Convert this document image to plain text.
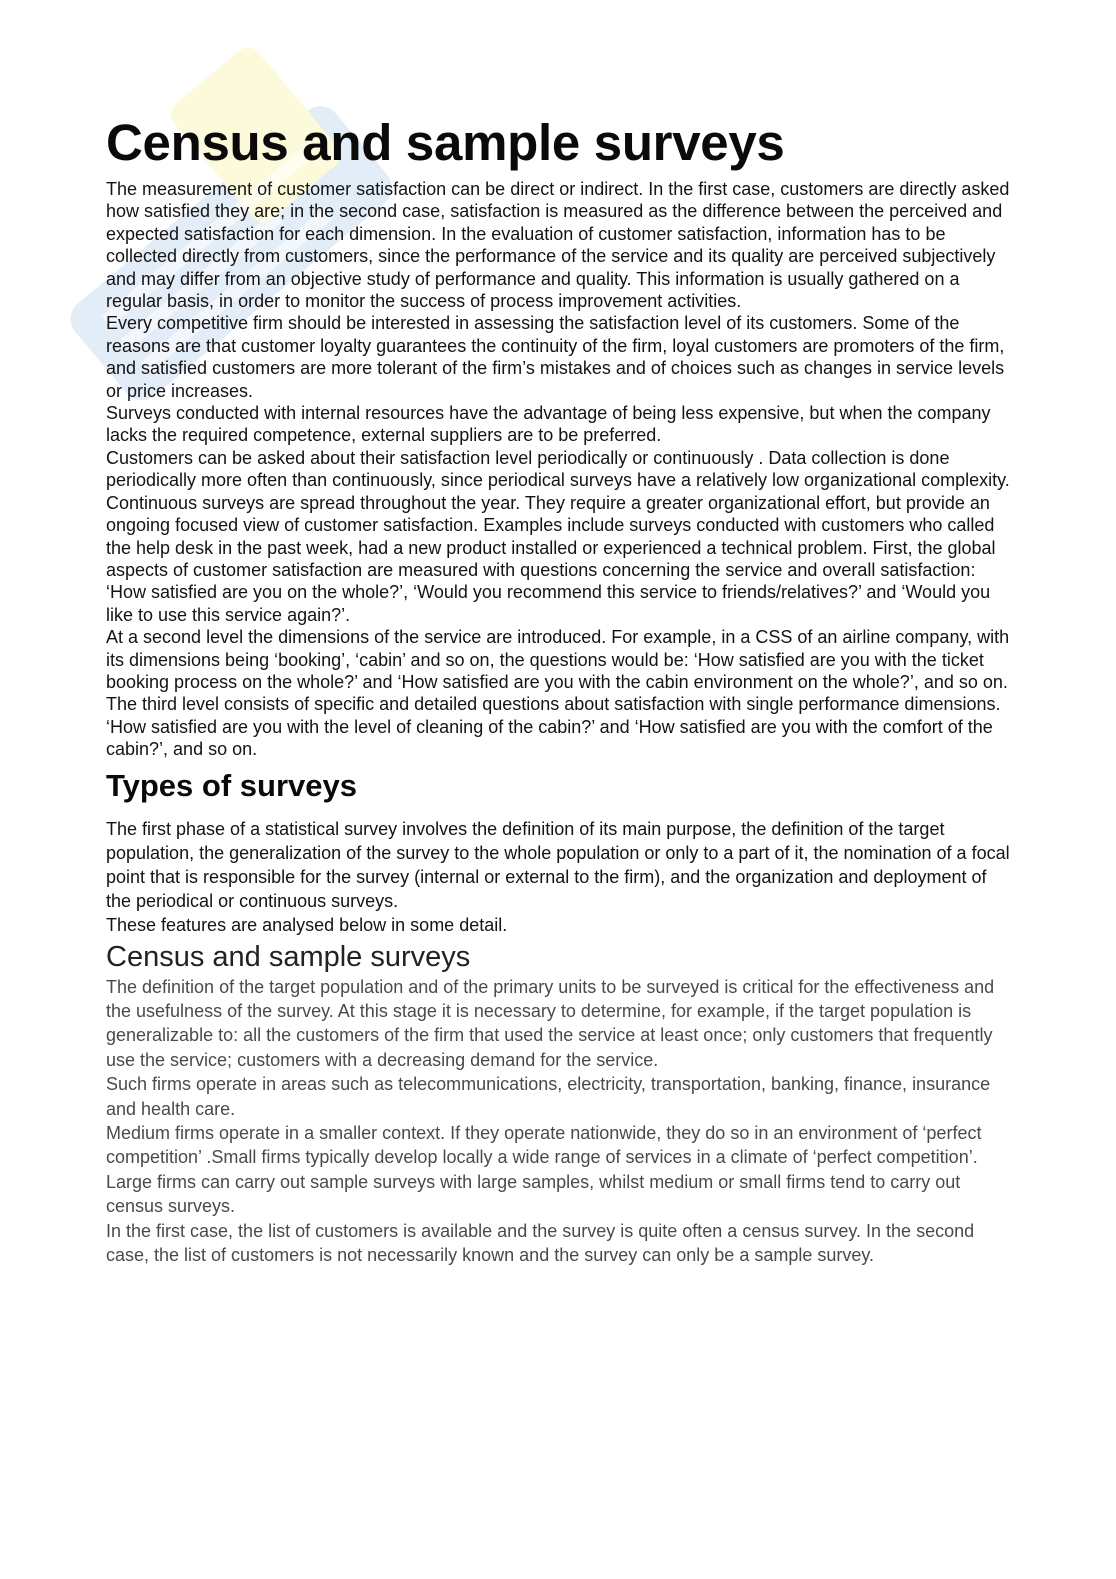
Census and sample surveys

The measurement of customer satisfaction can be direct or indirect. In the first case, customers are directly asked how satisfied they are; in the second case, satisfaction is measured as the difference between the perceived and expected satisfaction for each dimension. In the evaluation of customer satisfaction, information has to be collected directly from customers, since the performance of the service and its quality are perceived subjectively and may differ from an objective study of performance and quality. This information is usually gathered on a regular basis, in order to monitor the success of process improvement activities.

Every competitive firm should be interested in assessing the satisfaction level of its customers. Some of the reasons are that customer loyalty guarantees the continuity of the firm, loyal customers are promoters of the firm, and satisfied customers are more tolerant of the firm’s mistakes and of choices such as changes in service levels or price increases.

Surveys conducted with internal resources have the advantage of being less expensive, but when the company lacks the required competence, external suppliers are to be preferred.

Customers can be asked about their satisfaction level periodically or continuously . Data collection is done periodically more often than continuously, since periodical surveys have a relatively low organizational complexity. Continuous surveys are spread throughout the year. They require a greater organizational effort, but provide an ongoing focused view of customer satisfaction. Examples include surveys conducted with customers who called the help desk in the past week, had a new product installed or experienced a technical problem. First, the global aspects of customer satisfaction are measured with questions concerning the service and overall satisfaction: ‘How satisfied are you on the whole?’, ‘Would you recommend this service to friends/relatives?’ and ‘Would you like to use this service again?’.

At a second level the dimensions of the service are introduced. For example, in a CSS of an airline company, with its dimensions being ‘booking’, ‘cabin’ and so on, the questions would be: ‘How satisfied are you with the ticket booking process on the whole?’ and ‘How satisfied are you with the cabin environment on the whole?’, and so on.

The third level consists of specific and detailed questions about satisfaction with single performance dimensions.

‘How satisfied are you with the level of cleaning of the cabin?’ and ‘How satisfied are you with the comfort of the cabin?’, and so on.

Types of surveys

The first phase of a statistical survey involves the definition of its main purpose, the definition of the target population, the generalization of the survey to the whole population or only to a part of it, the nomination of a focal point that is responsible for the survey (internal or external to the firm), and the organization and deployment of the periodical or continuous surveys.

These features are analysed below in some detail.

Census and sample surveys

The definition of the target population and of the primary units to be surveyed is critical for the effectiveness and the usefulness of the survey. At this stage it is necessary to determine, for example, if the target population is generalizable to: all the customers of the firm that used the service at least once; only customers that frequently use the service; customers with a decreasing demand for the service.

Such firms operate in areas such as telecommunications, electricity, transportation, banking, finance, insurance and health care.

Medium firms operate in a smaller context. If they operate nationwide, they do so in an environment of ‘perfect competition’ .Small firms typically develop locally a wide range of services in a climate of ‘perfect competition’.

Large firms can carry out sample surveys with large samples, whilst medium or small firms tend to carry out census surveys.

In the first case, the list of customers is available and the survey is quite often a census survey. In the second case, the list of customers is not necessarily known and the survey can only be a sample survey.
